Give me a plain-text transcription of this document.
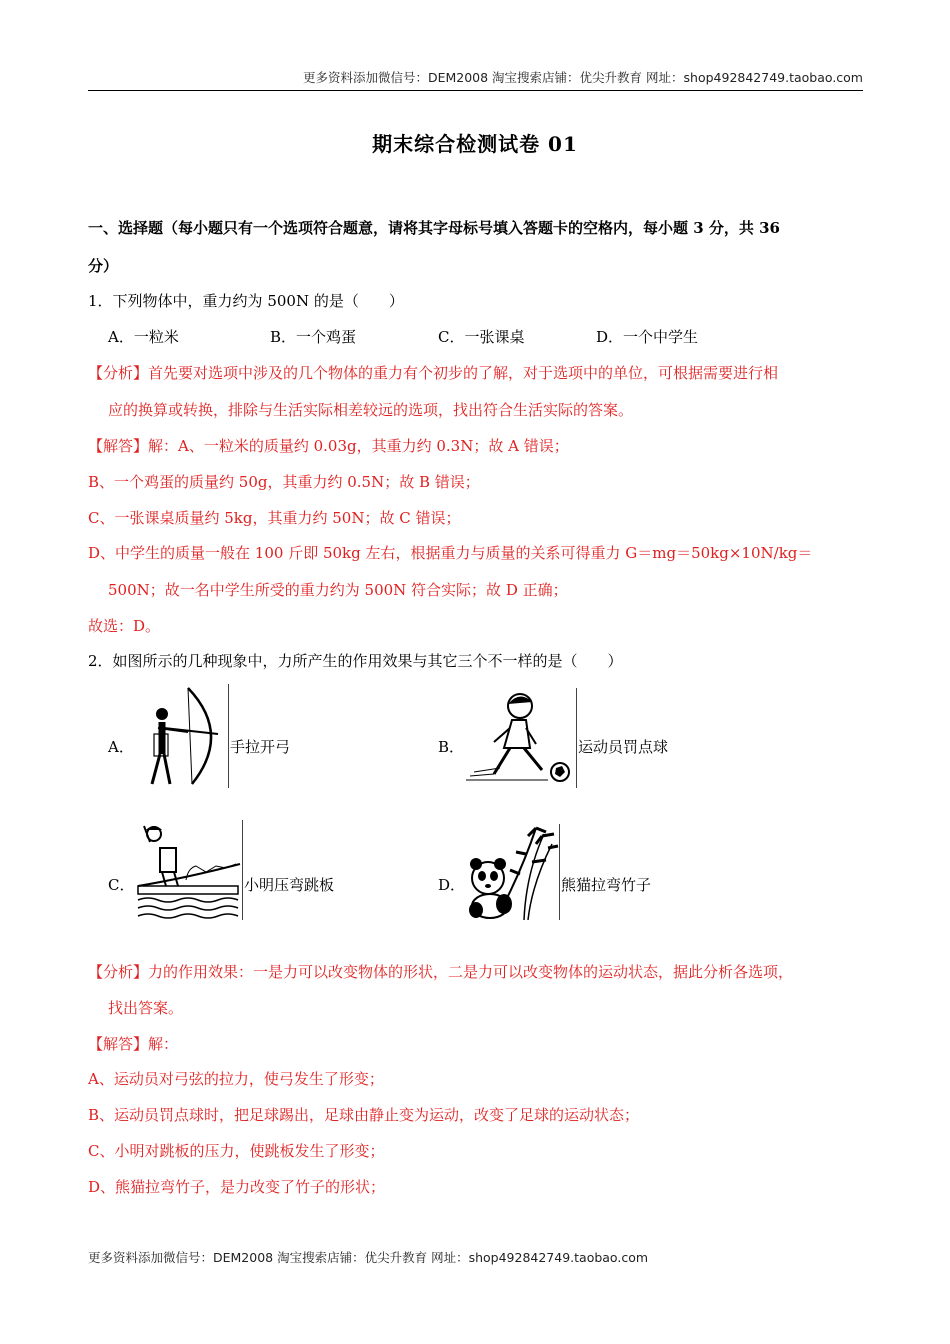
更多资料添加微信号：DEM2008 淘宝搜索店铺：优尖升教育 网址：shop492842749.taobao.com
期末综合检测试卷 01
一、选择题（每小题只有一个选项符合题意，请将其字母标号填入答题卡的空格内，每小题 3 分，共 36
分）
1．下列物体中，重力约为 500N 的是（　　）
A．一粒米	B．一个鸡蛋	C．一张课桌	D．一个中学生
【分析】首先要对选项中涉及的几个物体的重力有个初步的了解，对于选项中的单位，可根据需要进行相
应的换算或转换，排除与生活实际相差较远的选项，找出符合生活实际的答案。
【解答】解：A、一粒米的质量约 0.03g，其重力约 0.3N；故 A 错误；
B、一个鸡蛋的质量约 50g，其重力约 0.5N；故 B 错误；
C、一张课桌质量约 5kg，其重力约 50N；故 C 错误；
D、中学生的质量一般在 100 斤即 50kg 左右，根据重力与质量的关系可得重力 G＝mg＝50kg×10N/kg＝
500N；故一名中学生所受的重力约为 500N 符合实际；故 D 正确；
故选：D。
2．如图所示的几种现象中，力所产生的作用效果与其它三个不一样的是（　　）
A．	手拉开弓	B．	运动员罚点球
C．	小明压弯跳板	D．	熊猫拉弯竹子
【分析】力的作用效果：一是力可以改变物体的形状，二是力可以改变物体的运动状态，据此分析各选项，
找出答案。
【解答】解：
A、运动员对弓弦的拉力，使弓发生了形变；
B、运动员罚点球时，把足球踢出，足球由静止变为运动，改变了足球的运动状态；
C、小明对跳板的压力，使跳板发生了形变；
D、熊猫拉弯竹子，是力改变了竹子的形状；
更多资料添加微信号：DEM2008 淘宝搜索店铺：优尖升教育 网址：shop492842749.taobao.com
